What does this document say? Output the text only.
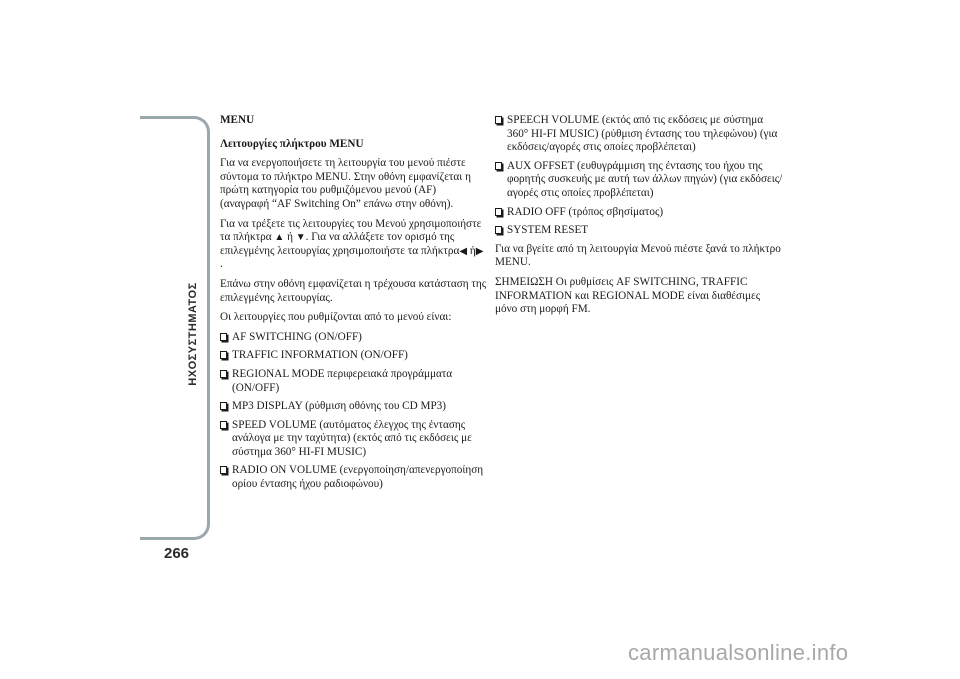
ΗΧΟΣΥΣΤΗΜΑΤΟΣ
266
MENU
Λειτουργίες πλήκτρου MENU

Για να ενεργοποιήσετε τη λειτουργία του μενού πιέστε σύντομα το πλήκτρο MENU. Στην οθόνη εμφανίζεται η πρώτη κατηγορία του ρυθμιζόμενου μενού (AF) (αναγραφή “AF Switching On” επάνω στην οθόνη).

Για να τρέξετε τις λειτουργίες του Μενού χρησιμοποιήστε τα πλήκτρα ▲ ή ▼. Για να αλλάξετε τον ορισμό της επιλεγμένης λειτουργίας χρησιμοποιήστε τα πλήκτρα◀ ή▶ .

Επάνω στην οθόνη εμφανίζεται η τρέχουσα κατάσταση της επιλεγμένης λειτουργίας.

Οι λειτουργίες που ρυθμίζονται από το μενού είναι:

AF SWITCHING (ON/OFF)
TRAFFIC INFORMATION (ON/OFF)
REGIONAL MODE περιφερειακά προγράμματα (ON/OFF)
MP3 DISPLAY (ρύθμιση οθόνης του CD MP3)
SPEED VOLUME (αυτόματος έλεγχος της έντασης ανάλογα με την ταχύτητα) (εκτός από τις εκδόσεις με σύστημα 360° HI-FI MUSIC)
RADIO ON VOLUME (ενεργοποίηση/απενεργοποίηση ορίου έντασης ήχου ραδιοφώνου)
SPEECH VOLUME (εκτός από τις εκδόσεις με σύστημα 360° HI-FI MUSIC) (ρύθμιση έντασης του τηλεφώνου) (για εκδόσεις/αγορές στις οποίες προβλέπεται)
AUX OFFSET (ευθυγράμμιση της έντασης του ήχου της φορητής συσκευής με αυτή των άλλων πηγών) (για εκδόσεις/αγορές στις οποίες προβλέπεται)
RADIO OFF (τρόπος σβησίματος)
SYSTEM RESET

Για να βγείτε από τη λειτουργία Μενού πιέστε ξανά το πλήκτρο MENU.

ΣΗΜΕΙΩΣΗ Οι ρυθμίσεις AF SWITCHING, TRAFFIC INFORMATION και REGIONAL MODE είναι διαθέσιμες μόνο στη μορφή FM.

carmanualsonline.info
